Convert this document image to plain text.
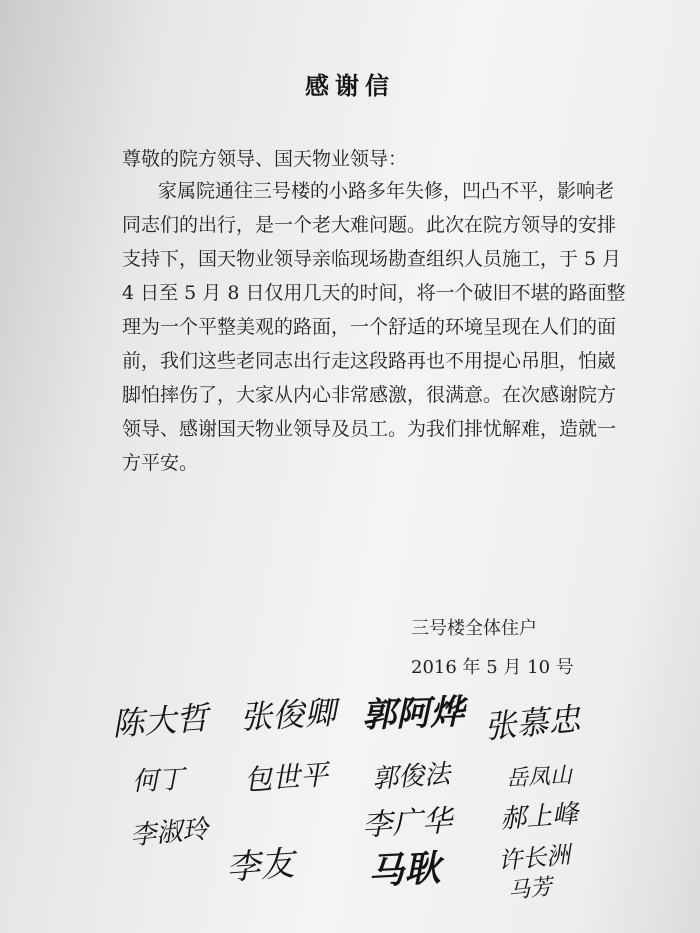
感谢信
尊敬的院方领导、国天物业领导：
家属院通往三号楼的小路多年失修，凹凸不平，影响老
同志们的出行，是一个老大难问题。此次在院方领导的安排
支持下，国天物业领导亲临现场勘查组织人员施工，于 5 月
4 日至 5 月 8 日仅用几天的时间，将一个破旧不堪的路面整
理为一个平整美观的路面，一个舒适的环境呈现在人们的面
前，我们这些老同志出行走这段路再也不用提心吊胆，怕崴
脚怕摔伤了，大家从内心非常感激，很满意。在次感谢院方
领导、感谢国天物业领导及员工。为我们排忧解难，造就一
方平安。
三号楼全体住户
2016 年 5 月 10 号
陈大哲 张俊卿 郭阿烨 张慕忠
何丁 包世平 郭俊法 岳凤山
李淑玲	李广华 郝上峰
李友 马耿 许长洲
马芳
